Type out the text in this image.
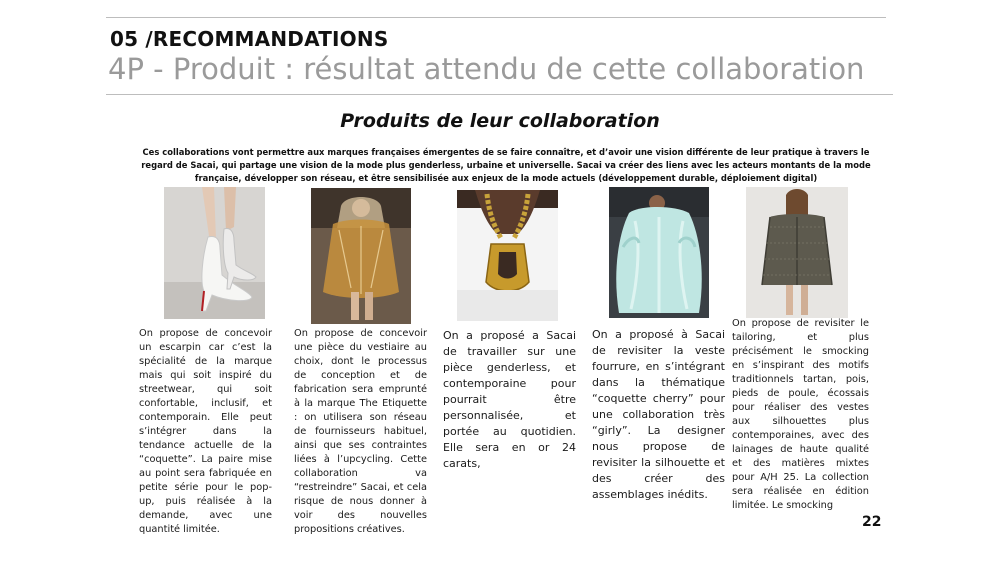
05 /RECOMMANDATIONS
4P - Produit : résultat attendu de cette collaboration
Produits de leur collaboration
Ces collaborations vont permettre aux marques françaises émergentes de se faire connaître, et d’avoir une vision différente de leur pratique à travers le regard de Sacai, qui partage une vision de la mode plus genderless, urbaine et universelle. Sacai va créer des liens avec les acteurs montants de la mode française, développer son réseau, et être sensibilisée aux enjeux de la mode actuels (développement durable, déploiement digital)
On propose de concevoir un escarpin car c’est la spécialité de la marque mais qui soit inspiré du streetwear, qui soit confortable, inclusif, et contemporain. Elle peut s’intégrer dans la tendance actuelle de la “coquette”. La paire mise au point sera fabriquée en petite série pour le pop- up, puis réalisée à la demande, avec une quantité limitée.
On propose de concevoir une pièce du vestiaire au choix, dont le processus de conception et de fabrication sera emprunté à la marque The Etiquette : on utilisera son réseau de fournisseurs habituel, ainsi que ses contraintes liées à l’upcycling. Cette collaboration va “restreindre” Sacai, et cela risque de nous donner à voir des nouvelles propositions créatives.
On a proposé a Sacai de travailler sur une pièce genderless, et contemporaine pour pourrait être personnalisée, et portée au quotidien. Elle sera en or 24 carats,
On a proposé à Sacai de revisiter la veste fourrure, en s’intégrant dans la thématique “coquette cherry” pour une collaboration très “girly”. La designer nous propose de revisiter la silhouette et des créer des assemblages inédits.
On propose de revisiter le tailoring, et plus précisément le smocking en s’inspirant des motifs traditionnels tartan, pois, pieds de poule, écossais pour réaliser des vestes aux silhouettes plus contemporaines, avec des lainages de haute qualité et des matières mixtes pour A/H 25. La collection sera réalisée en édition limitée. Le smocking
22
